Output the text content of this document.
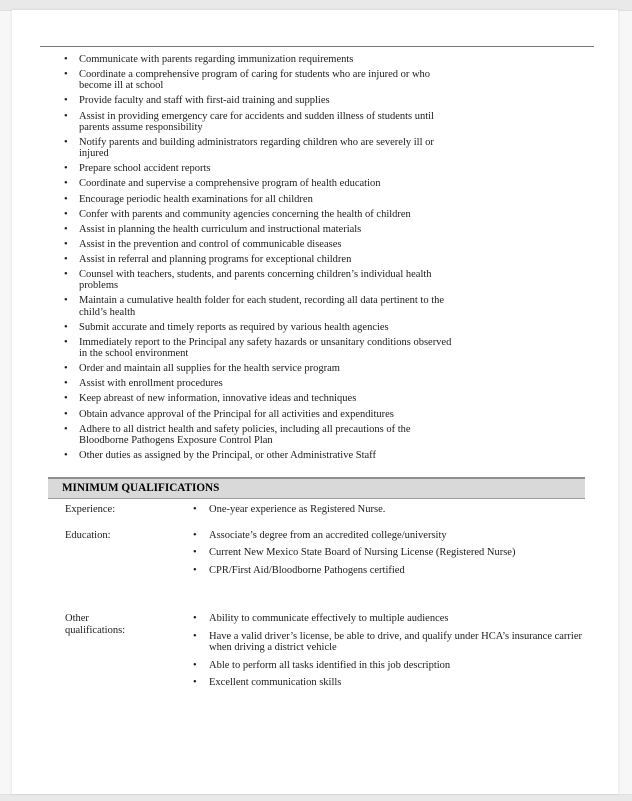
•
Communicate with parents regarding immunization requirements
•
Coordinate a comprehensive program of caring for students who are injured or who become ill at school
•
Provide faculty and staff with first-aid training and supplies
•
Assist in providing emergency care for accidents and sudden illness of students until parents assume responsibility
•
Notify parents and building administrators regarding children who are severely ill or injured
•
Prepare school accident reports
•
Coordinate and supervise a comprehensive program of health education
•
Encourage periodic health examinations for all children
•
Confer with parents and community agencies concerning the health of children
•
Assist in planning the health curriculum and instructional materials
•
Assist in the prevention and control of communicable diseases
•
Assist in referral and planning programs for exceptional children
•
Counsel with teachers, students, and parents concerning children’s individual health problems
•
Maintain a cumulative health folder for each student, recording all data pertinent to the child’s health
•
Submit accurate and timely reports as required by various health agencies
•
Immediately report to the Principal any safety hazards or unsanitary conditions observed in the school environment
•
Order and maintain all supplies for the health service program
•
Assist with enrollment procedures
•
Keep abreast of new information, innovative ideas and techniques
•
Obtain advance approval of the Principal for all activities and expenditures
•
Adhere to all district health and safety policies, including all precautions of the Bloodborne Pathogens Exposure Control Plan
•
Other duties as assigned by the Principal, or other Administrative Staff
MINIMUM QUALIFICATIONS
Experience: •	One-year experience as Registered Nurse.
Education: •	Associate’s degree from an accredited college/university
•
Current New Mexico State Board of Nursing License (Registered Nurse)
•
CPR/First Aid/Bloodborne Pathogens certified
Other qualifications:
•
Ability to communicate effectively to multiple audiences
•
Have a valid driver’s license, be able to drive, and qualify under HCA’s insurance carrier when driving a district vehicle
•
Able to perform all tasks identified in this job description
•
Excellent communication skills
